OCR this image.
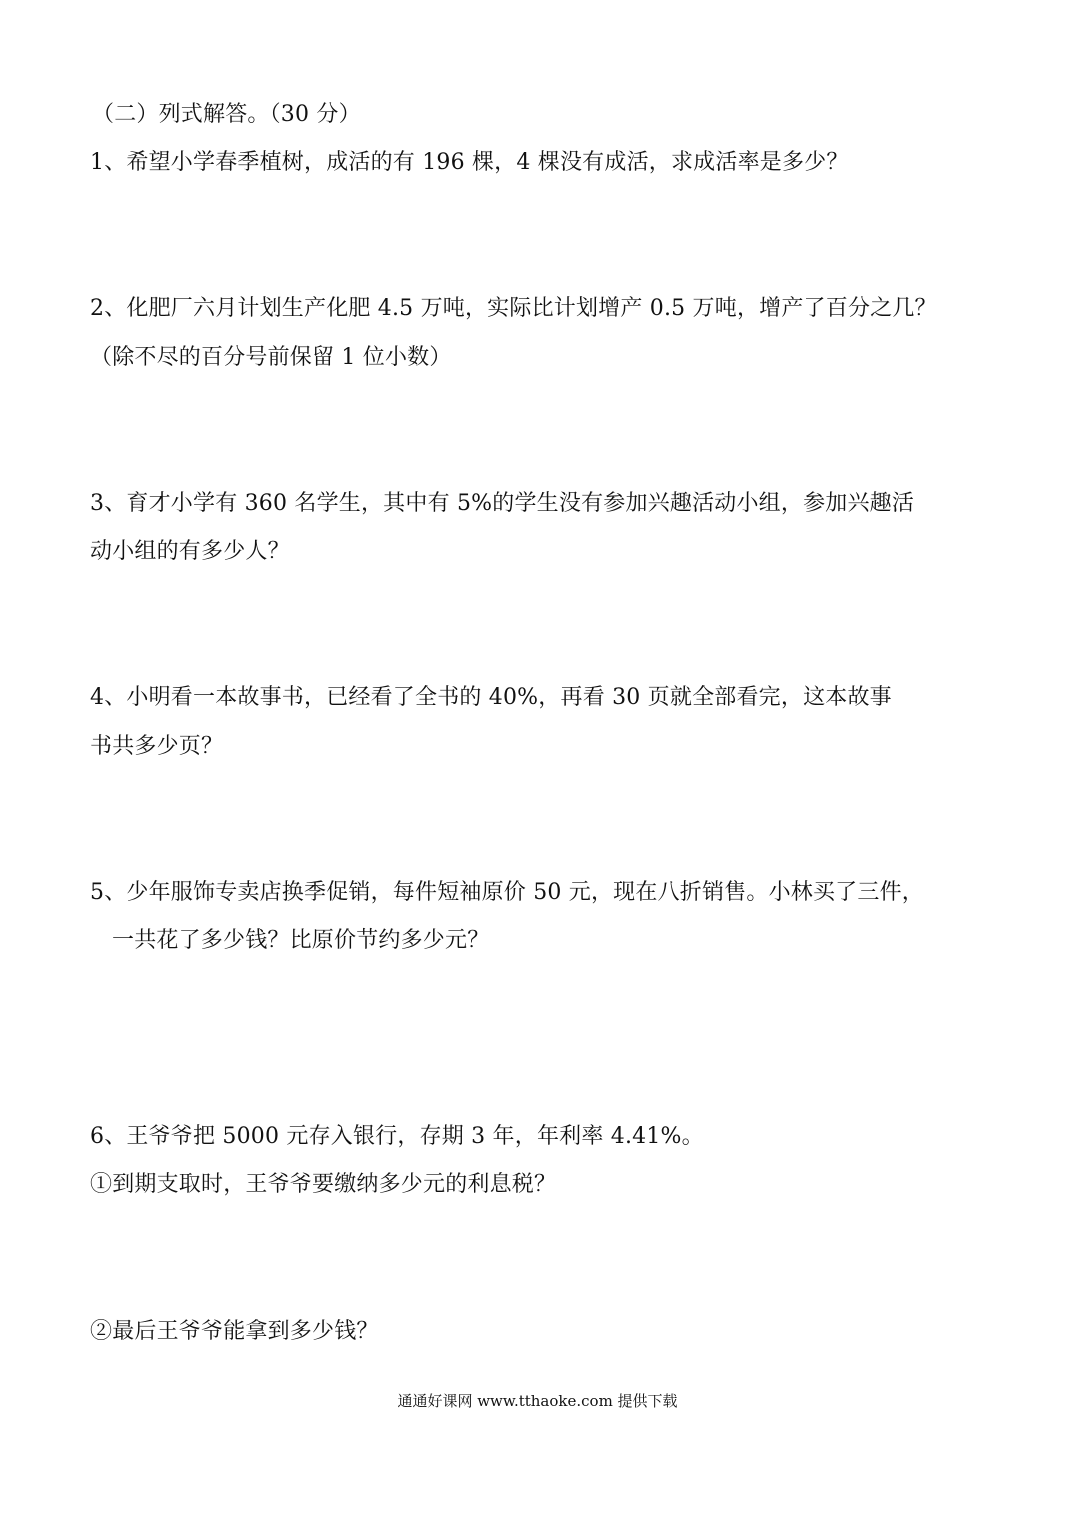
（二）列式解答。（30 分）
1、希望小学春季植树，成活的有 196 棵，4 棵没有成活，求成活率是多少？
2、化肥厂六月计划生产化肥 4.5 万吨，实际比计划增产 0.5 万吨，增产了百分之几？
（除不尽的百分号前保留 1 位小数）
3、育才小学有 360 名学生，其中有 5%的学生没有参加兴趣活动小组，参加兴趣活
动小组的有多少人？
4、小明看一本故事书，已经看了全书的 40%，再看 30 页就全部看完，这本故事
书共多少页？
5、少年服饰专卖店换季促销，每件短袖原价 50 元，现在八折销售。小林买了三件，
一共花了多少钱？比原价节约多少元？
6、王爷爷把 5000 元存入银行，存期 3 年，年利率 4.41%。
①到期支取时，王爷爷要缴纳多少元的利息税？
②最后王爷爷能拿到多少钱？
通通好课网 www.tthaoke.com 提供下载
